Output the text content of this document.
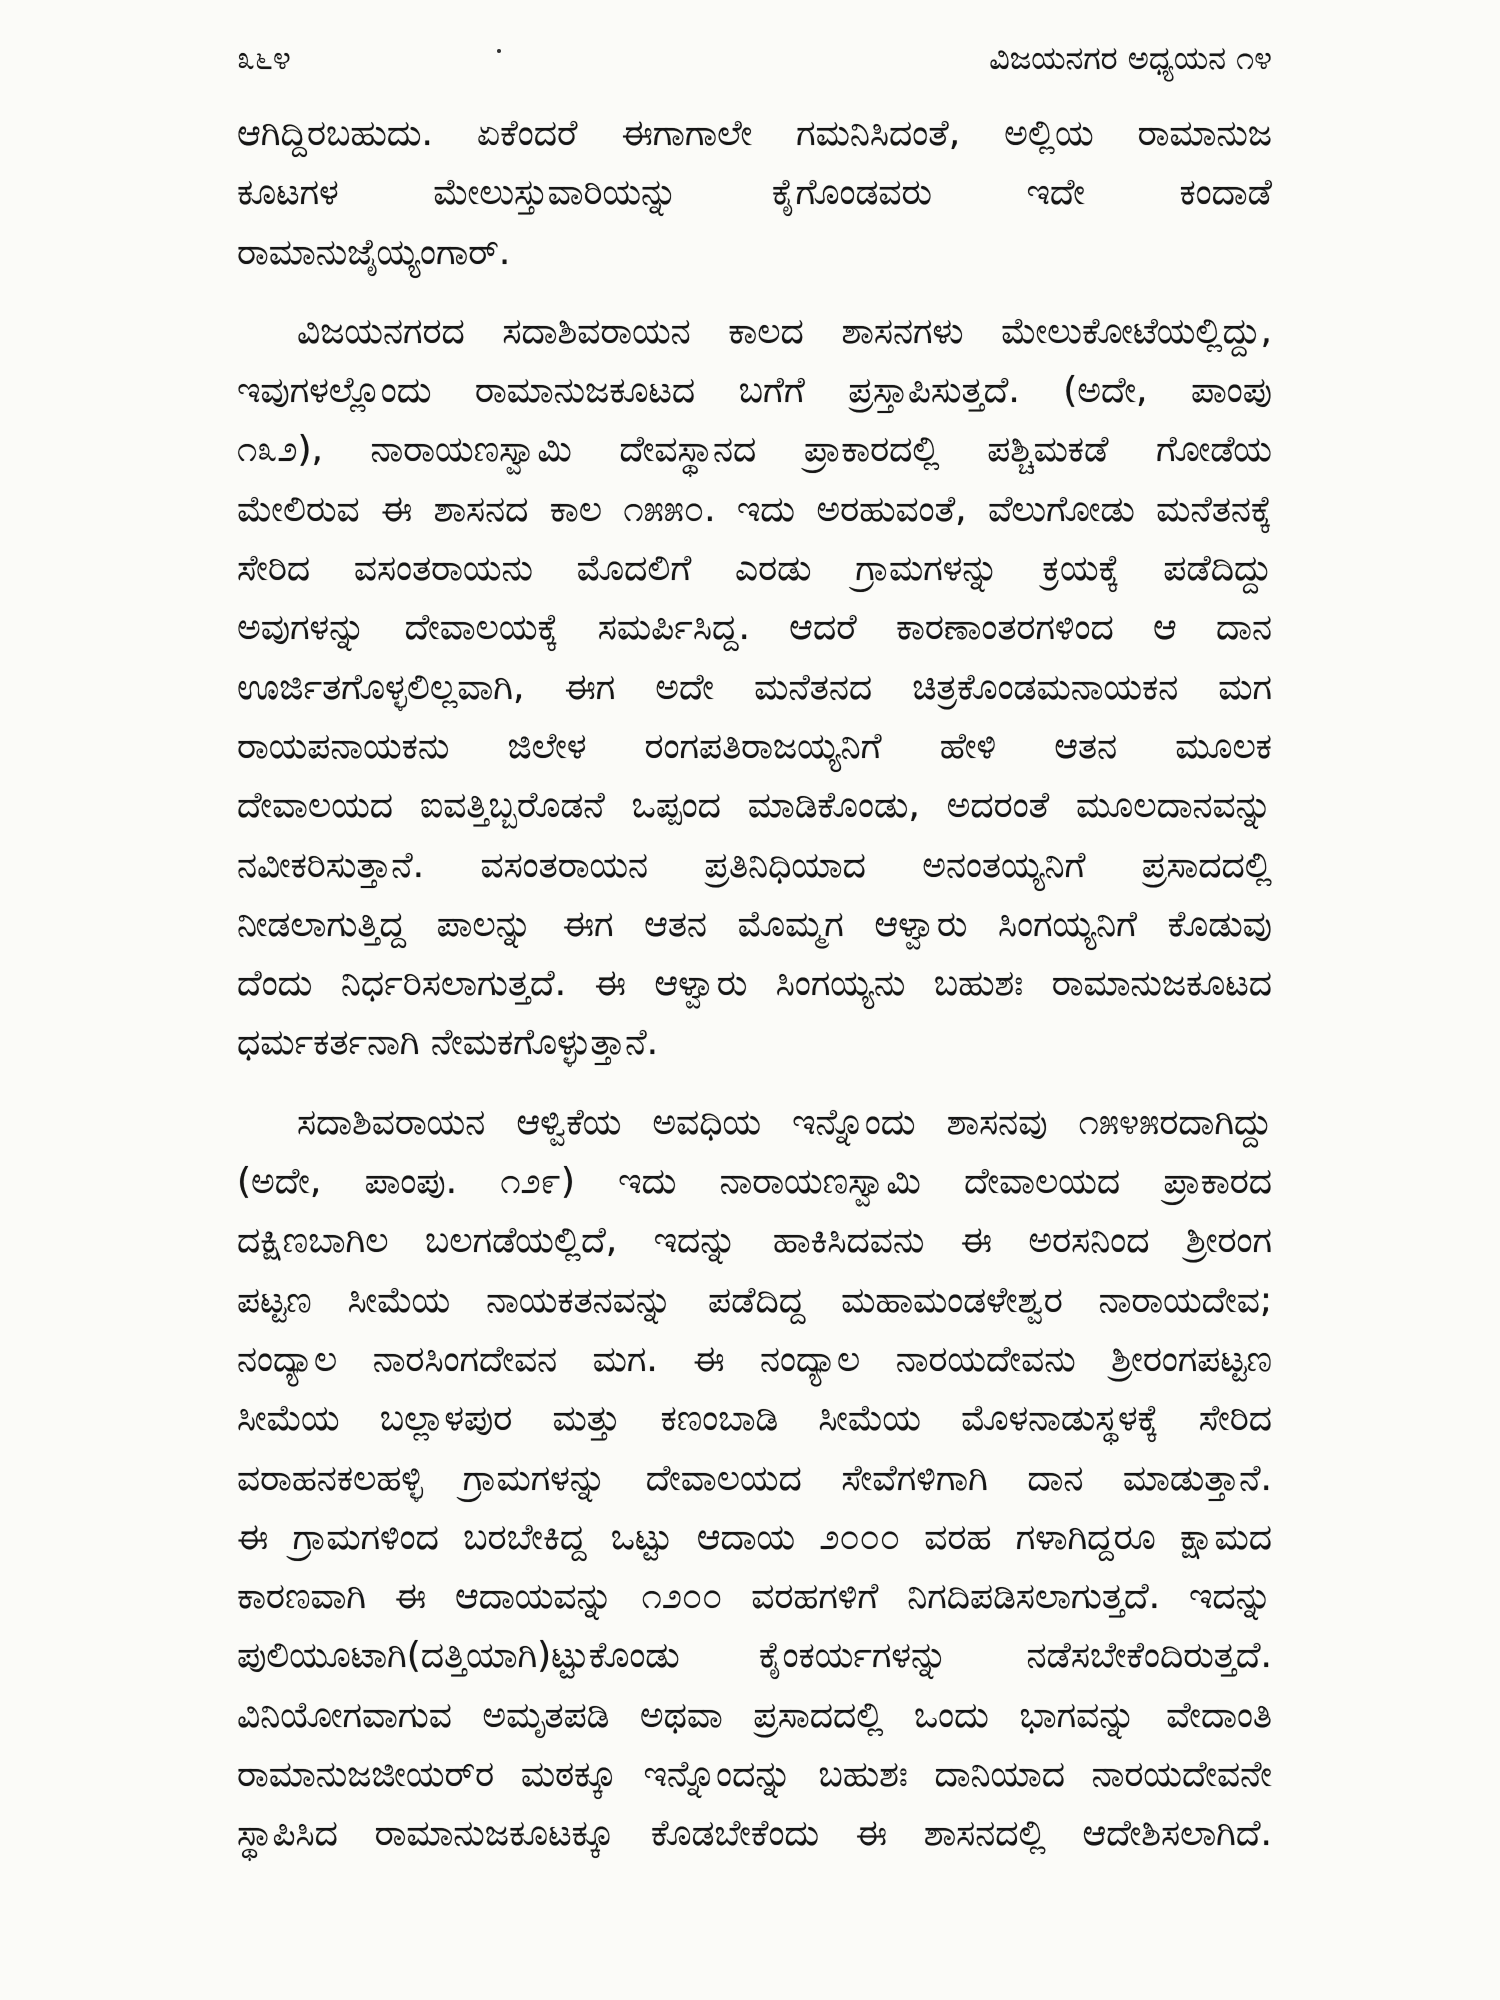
೩೬೪	ವಿಜಯನಗರ ಅಧ್ಯಯನ ೧೪
ಆಗಿದ್ದಿರಬಹುದು. ಏಕೆಂದರೆ ಈಗಾಗಾಲೇ ಗಮನಿಸಿದಂತೆ, ಅಲ್ಲಿಯ ರಾಮಾನುಜ
ಕೂಟಗಳ ಮೇಲುಸ್ತುವಾರಿಯನ್ನು ಕೈಗೊಂಡವರು ಇದೇ ಕಂದಾಡೆ
ರಾಮಾನುಜೈಯ್ಯಂಗಾರ್.
ವಿಜಯನಗರದ ಸದಾಶಿವರಾಯನ ಕಾಲದ ಶಾಸನಗಳು ಮೇಲುಕೋಟೆಯಲ್ಲಿದ್ದು,
ಇವುಗಳಲ್ಲೊಂದು ರಾಮಾನುಜಕೂಟದ ಬಗೆಗೆ ಪ್ರಸ್ತಾಪಿಸುತ್ತದೆ. (ಅದೇ, ಪಾಂಪು
೧೩೨), ನಾರಾಯಣಸ್ವಾಮಿ ದೇವಸ್ಥಾನದ ಪ್ರಾಕಾರದಲ್ಲಿ ಪಶ್ಚಿಮಕಡೆ ಗೋಡೆಯ
ಮೇಲಿರುವ ಈ ಶಾಸನದ ಕಾಲ ೧೫೫೦. ಇದು ಅರಹುವಂತೆ, ವೆಲುಗೋಡು ಮನೆತನಕ್ಕೆ
ಸೇರಿದ ವಸಂತರಾಯನು ಮೊದಲಿಗೆ ಎರಡು ಗ್ರಾಮಗಳನ್ನು ಕ್ರಯಕ್ಕೆ ಪಡೆದಿದ್ದು
ಅವುಗಳನ್ನು ದೇವಾಲಯಕ್ಕೆ ಸಮರ್ಪಿಸಿದ್ದ. ಆದರೆ ಕಾರಣಾಂತರಗಳಿಂದ ಆ ದಾನ
ಊರ್ಜಿತಗೊಳ್ಳಲಿಲ್ಲವಾಗಿ, ಈಗ ಅದೇ ಮನೆತನದ ಚಿತ್ರಕೊಂಡಮನಾಯಕನ ಮಗ
ರಾಯಪನಾಯಕನು ಜಿಲೇಳ ರಂಗಪತಿರಾಜಯ್ಯನಿಗೆ ಹೇಳಿ ಆತನ ಮೂಲಕ
ದೇವಾಲಯದ ಐವತ್ತಿಬ್ಬರೊಡನೆ ಒಪ್ಪಂದ ಮಾಡಿಕೊಂಡು, ಅದರಂತೆ ಮೂಲದಾನವನ್ನು
ನವೀಕರಿಸುತ್ತಾನೆ. ವಸಂತರಾಯನ ಪ್ರತಿನಿಧಿಯಾದ ಅನಂತಯ್ಯನಿಗೆ ಪ್ರಸಾದದಲ್ಲಿ
ನೀಡಲಾಗುತ್ತಿದ್ದ ಪಾಲನ್ನು ಈಗ ಆತನ ಮೊಮ್ಮಗ ಆಳ್ವಾರು ಸಿಂಗಯ್ಯನಿಗೆ ಕೊಡುವು
ದೆಂದು ನಿರ್ಧರಿಸಲಾಗುತ್ತದೆ. ಈ ಆಳ್ವಾರು ಸಿಂಗಯ್ಯನು ಬಹುಶಃ ರಾಮಾನುಜಕೂಟದ
ಧರ್ಮಕರ್ತನಾಗಿ ನೇಮಕಗೊಳ್ಳುತ್ತಾನೆ.
ಸದಾಶಿವರಾಯನ ಆಳ್ವಿಕೆಯ ಅವಧಿಯ ಇನ್ನೊಂದು ಶಾಸನವು ೧೫೪೫ರದಾಗಿದ್ದು
(ಅದೇ, ಪಾಂಪು. ೧೨೯) ಇದು ನಾರಾಯಣಸ್ವಾಮಿ ದೇವಾಲಯದ ಪ್ರಾಕಾರದ
ದಕ್ಷಿಣಬಾಗಿಲ ಬಲಗಡೆಯಲ್ಲಿದೆ, ಇದನ್ನು ಹಾಕಿಸಿದವನು ಈ ಅರಸನಿಂದ ಶ್ರೀರಂಗ
ಪಟ್ಟಣ ಸೀಮೆಯ ನಾಯಕತನವನ್ನು ಪಡೆದಿದ್ದ ಮಹಾಮಂಡಳೇಶ್ವರ ನಾರಾಯದೇವ;
ನಂದ್ಯಾಲ ನಾರಸಿಂಗದೇವನ ಮಗ. ಈ ನಂದ್ಯಾಲ ನಾರಯದೇವನು ಶ್ರೀರಂಗಪಟ್ಟಣ
ಸೀಮೆಯ ಬಲ್ಲಾಳಪುರ ಮತ್ತು ಕಣಂಬಾಡಿ ಸೀಮೆಯ ಮೊಳನಾಡುಸ್ಥಳಕ್ಕೆ ಸೇರಿದ
ವರಾಹನಕಲಹಳ್ಳಿ ಗ್ರಾಮಗಳನ್ನು ದೇವಾಲಯದ ಸೇವೆಗಳಿಗಾಗಿ ದಾನ ಮಾಡುತ್ತಾನೆ.
ಈ ಗ್ರಾಮಗಳಿಂದ ಬರಬೇಕಿದ್ದ ಒಟ್ಟು ಆದಾಯ ೨೦೦೦ ವರಹ ಗಳಾಗಿದ್ದರೂ ಕ್ಷಾಮದ
ಕಾರಣವಾಗಿ ಈ ಆದಾಯವನ್ನು ೧೨೦೦ ವರಹಗಳಿಗೆ ನಿಗದಿಪಡಿಸಲಾಗುತ್ತದೆ. ಇದನ್ನು
ಪುಲಿಯೂಟಾಗಿ(ದತ್ತಿಯಾಗಿ)ಟ್ಟುಕೊಂಡು ಕೈಂಕರ್ಯಗಳನ್ನು ನಡೆಸಬೇಕೆಂದಿರುತ್ತದೆ.
ವಿನಿಯೋಗವಾಗುವ ಅಮೃತಪಡಿ ಅಥವಾ ಪ್ರಸಾದದಲ್ಲಿ ಒಂದು ಭಾಗವನ್ನು ವೇದಾಂತಿ
ರಾಮಾನುಜಜೀಯರ್‌ರ ಮಠಕ್ಕೂ ಇನ್ನೊಂದನ್ನು ಬಹುಶಃ ದಾನಿಯಾದ ನಾರಯದೇವನೇ
ಸ್ಥಾಪಿಸಿದ ರಾಮಾನುಜಕೂಟಕ್ಕೂ ಕೊಡಬೇಕೆಂದು ಈ ಶಾಸನದಲ್ಲಿ ಆದೇಶಿಸಲಾಗಿದೆ.
